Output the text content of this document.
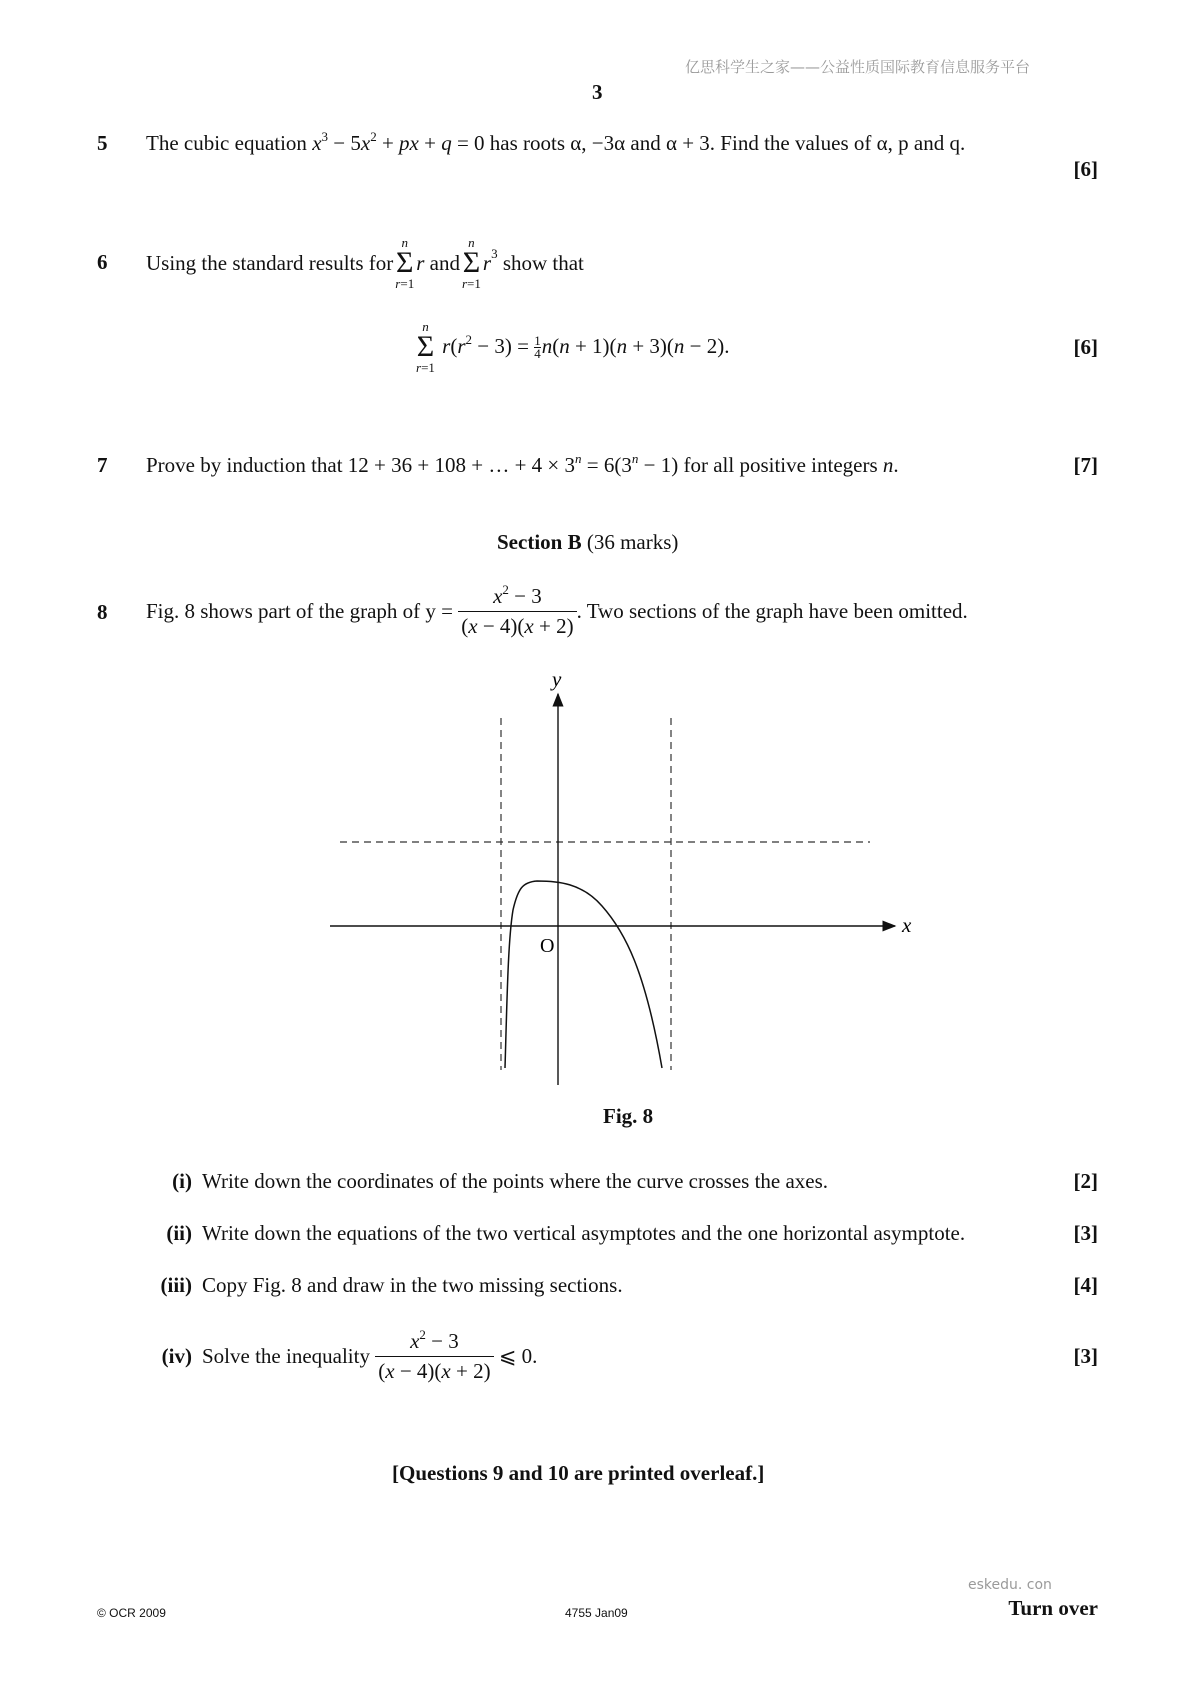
亿思科学生之家——公益性质国际教育信息服务平台
3
5 The cubic equation $x^3 - 5x^2$ + px + q = 0 has roots α, −3α and α + 3. Find the values of α, p and q.
[6]
6 Using the standard results for
n
Σ
r=1
r
and
n
Σ
r=1
$r^3$
show that
n
Σ
r=1
$r(r^2 - 3) = \frac{1}{4} n(n + 1)(n + 3)(n - 2)$.	[6]
7 Prove by induction that 12 + 36 + 108 + … + $4 \times 3^n = 6(3^n - 1)$ for all positive integers n.	[7]
Section B (36 marks)
8 Fig. 8 shows part of the graph of y =
$\frac{x^2 - 3}{(x - 4)(x + 2)}$ . Two sections of the graph have been omitted.
x
y
O
Fig. 8
(i) Write down the coordinates of the points where the curve crosses the axes.	[2]
(ii) Write down the equations of the two vertical asymptotes and the one horizontal asymptote.	[3]
(iii) Copy Fig. 8 and draw in the two missing sections.	[4]
(iv) Solve the inequality
$\frac{x^2 - 3}{(x - 4)(x + 2)}$
⩽ 0.	[3]
[Questions 9 and 10 are printed overleaf.]
eskedu. con
© OCR 2009	4755 Jan09	Turn over
